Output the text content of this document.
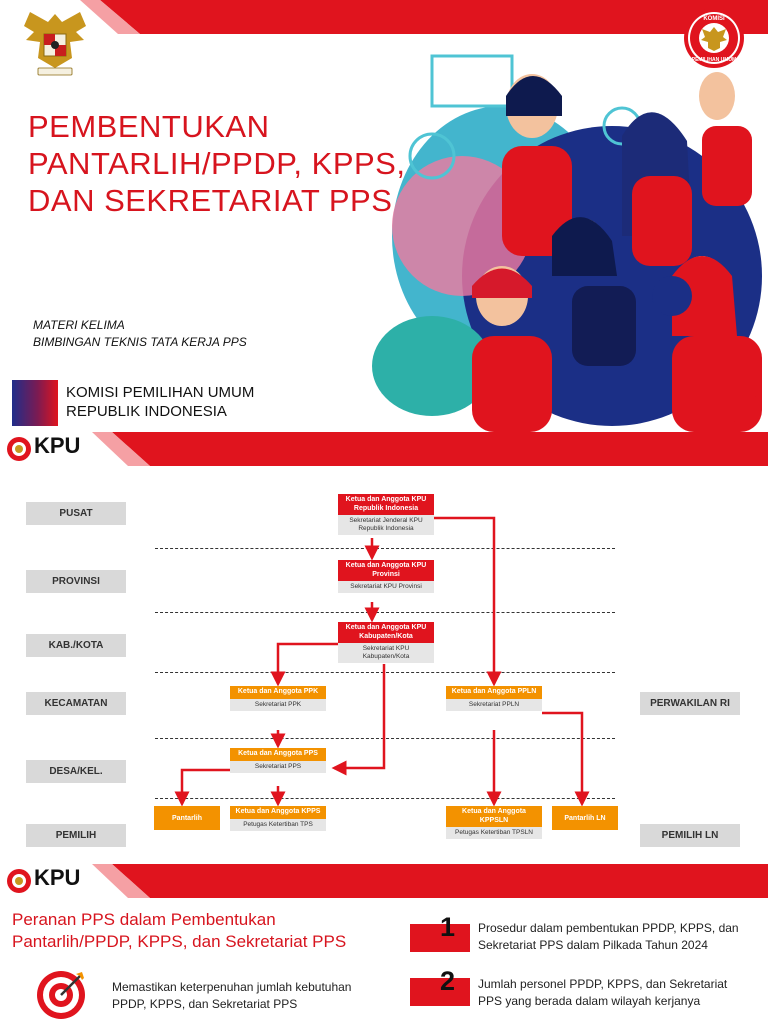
KOMISI
PEMILIHAN UMUM
PEMBENTUKAN
PANTARLIH/PPDP, KPPS,
DAN SEKRETARIAT PPS
MATERI KELIMA
BIMBINGAN TEKNIS TATA KERJA PPS
KOMISI PEMILIHAN UMUM
REPUBLIK INDONESIA
KPU
PUSAT
PROVINSI
KAB./KOTA
KECAMATAN
DESA/KEL.
PEMILIH
PERWAKILAN RI
PEMILIH LN
Ketua dan Anggota KPU Republik Indonesia
Sekretariat Jenderal KPU Republik Indonesia
Ketua dan Anggota KPU Provinsi
Sekretariat KPU Provinsi
Ketua dan Anggota KPU Kabupaten/Kota
Sekretariat KPU Kabupaten/Kota
Ketua dan Anggota PPK
Sekretariat PPK
Ketua dan Anggota PPLN
Sekretariat PPLN
Ketua dan Anggota PPS
Sekretariat PPS
Pantarlih
Ketua dan Anggota KPPS
Petugas Ketertiban TPS
Ketua dan Anggota KPPSLN
Petugas Ketertiban TPSLN
Pantarlih LN
KPU
Peranan PPS dalam Pembentukan
Pantarlih/PPDP, KPPS, dan Sekretariat PPS
Memastikan keterpenuhan jumlah kebutuhan
PPDP, KPPS, dan Sekretariat PPS
1 Prosedur dalam pembentukan PPDP, KPPS, dan
Sekretariat PPS dalam Pilkada Tahun 2024
2 Jumlah personel PPDP, KPPS, dan Sekretariat
PPS yang berada dalam wilayah kerjanya
